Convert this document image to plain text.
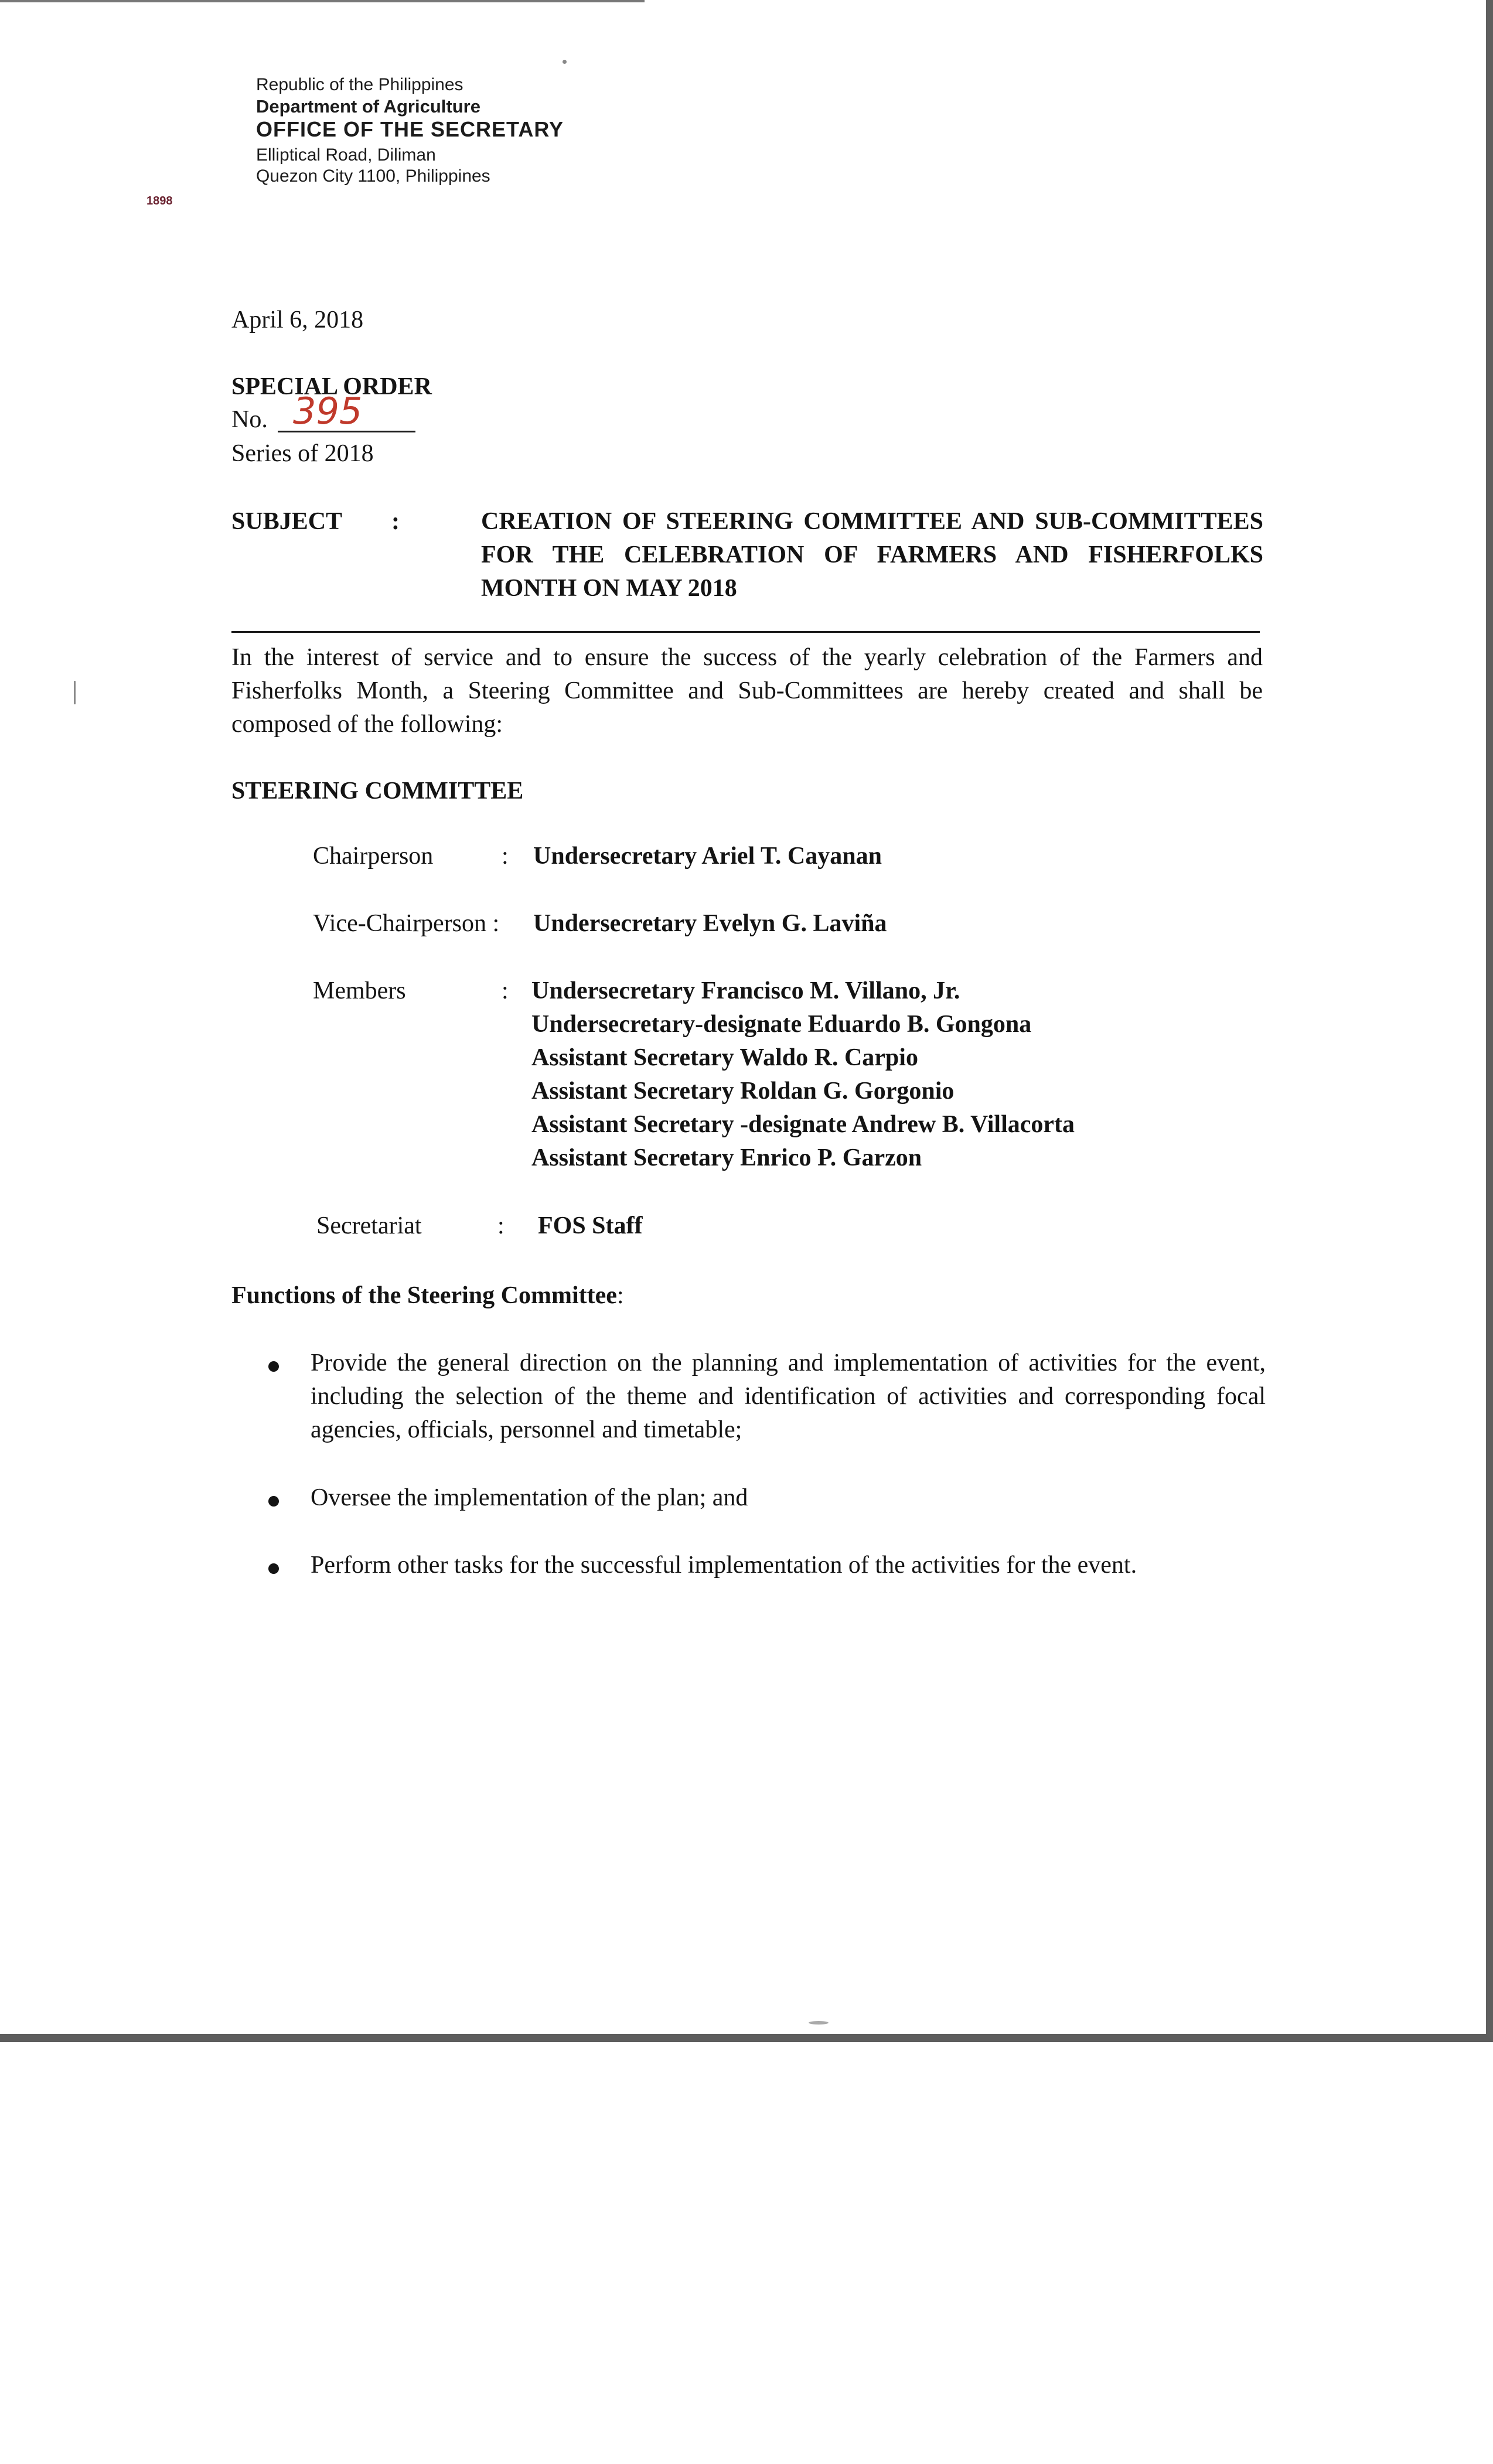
Republic of the Philippines
Department of Agriculture
OFFICE OF THE SECRETARY
Elliptical Road, Diliman
Quezon City 1100, Philippines
1898
April 6, 2018
SPECIAL ORDER
No. 395
Series of 2018
SUBJECT :	CREATION OF STEERING COMMITTEE AND SUB-COMMITTEES FOR THE CELEBRATION OF FARMERS AND FISHERFOLKS MONTH ON MAY 2018
In the interest of service and to ensure the success of the yearly celebration of the Farmers and Fisherfolks Month, a Steering Committee and Sub-Committees are hereby created and shall be composed of the following:
STEERING COMMITTEE
Chairperson	: Undersecretary Ariel T. Cayanan
Vice-Chairperson : Undersecretary Evelyn G. Laviña
Members	: Undersecretary Francisco M. Villano, Jr.
Undersecretary-designate Eduardo B. Gongona
Assistant Secretary Waldo R. Carpio
Assistant Secretary Roldan G. Gorgonio
Assistant Secretary -designate Andrew B. Villacorta
Assistant Secretary Enrico P. Garzon
Secretariat	: FOS Staff
Functions of the Steering Committee:
Provide the general direction on the planning and implementation of activities for the event, including the selection of the theme and identification of activities and corresponding focal agencies, officials, personnel and timetable;
Oversee the implementation of the plan; and
Perform other tasks for the successful implementation of the activities for the event.
